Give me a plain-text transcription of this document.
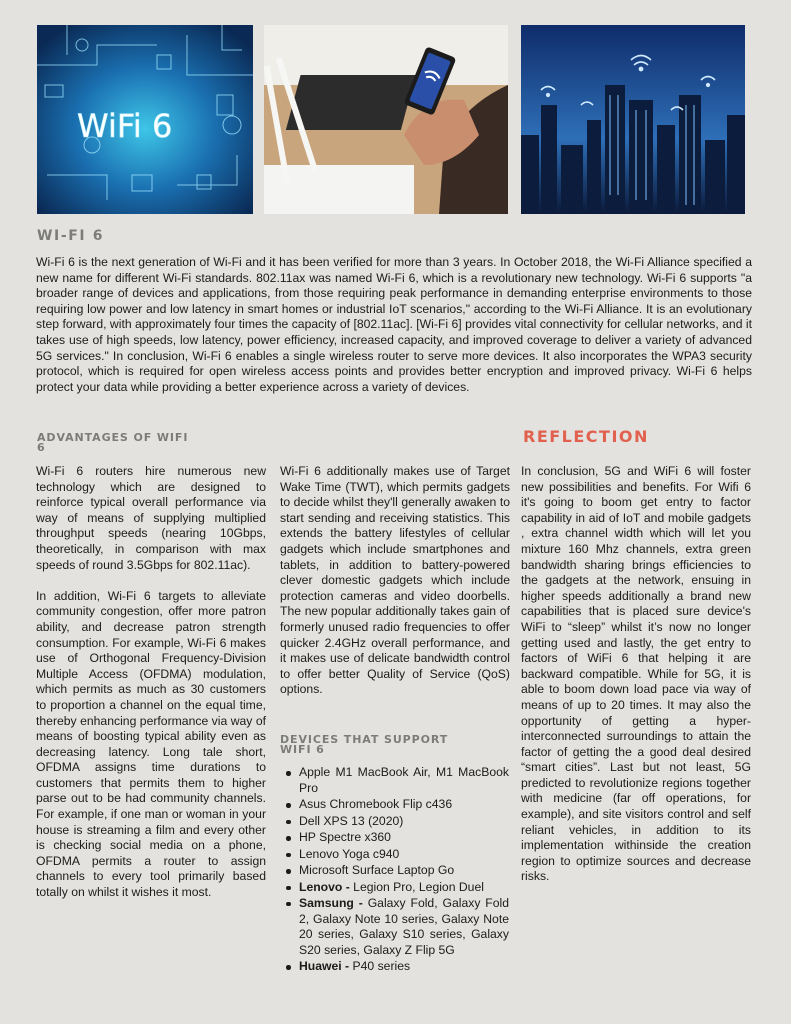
WiFi 6
WI-FI 6

Wi-Fi 6 is the next generation of Wi-Fi and it has been verified for more than 3 years. In October 2018, the Wi-Fi Alliance specified a new name for different Wi-Fi standards. 802.11ax was named Wi-Fi 6, which is a revolutionary new technology. Wi-Fi 6 supports "a broader range of devices and applications, from those requiring peak performance in demanding enterprise environments to those requiring low power and low latency in smart homes or industrial IoT scenarios," according to the Wi-Fi Alliance. It is an evolutionary step forward, with approximately four times the capacity of [802.11ac]. [Wi-Fi 6] provides vital connectivity for cellular networks, and it takes use of high speeds, low latency, power efficiency, increased capacity, and improved coverage to deliver a variety of advanced 5G services." In conclusion, Wi-Fi 6 enables a single wireless router to serve more devices. It also incorporates the WPA3 security protocol, which is required for open wireless access points and provides better encryption and improved privacy. Wi-Fi 6 helps protect your data while providing a better experience across a variety of devices.

ADVANTAGES OF WIFI 6

Wi-Fi 6 routers hire numerous new technology which are designed to reinforce typical overall performance via way of means of supplying multiplied throughput speeds (nearing 10Gbps, theoretically, in comparison with max speeds of round 3.5Gbps for 802.11ac).

In addition, Wi-Fi 6 targets to alleviate community congestion, offer more patron ability, and decrease patron strength consumption. For example, Wi-Fi 6 makes use of Orthogonal Frequency-Division Multiple Access (OFDMA) modulation, which permits as much as 30 customers to proportion a channel on the equal time, thereby enhancing performance via way of means of boosting typical ability even as decreasing latency. Long tale short, OFDMA assigns time durations to customers that permits them to higher parse out to be had community channels. For example, if one man or woman in your house is streaming a film and every other is checking social media on a phone, OFDMA permits a router to assign channels to every tool primarily based totally on whilst it wishes it most.

Wi-Fi 6 additionally makes use of Target Wake Time (TWT), which permits gadgets to decide whilst they'll generally awaken to start sending and receiving statistics. This extends the battery lifestyles of cellular gadgets which include smartphones and tablets, in addition to battery-powered clever domestic gadgets which include protection cameras and video doorbells. The new popular additionally takes gain of formerly unused radio frequencies to offer quicker 2.4GHz overall performance, and it makes use of delicate bandwidth control to offer better Quality of Service (QoS) options.

DEVICES THAT SUPPORT WIFI 6
Apple M1 MacBook Air, M1 MacBook Pro
Asus Chromebook Flip c436
Dell XPS 13 (2020)
HP Spectre x360
Lenovo Yoga c940
Microsoft Surface Laptop Go
Lenovo - Legion Pro, Legion Duel
Samsung - Galaxy Fold, Galaxy Fold 2, Galaxy Note 10 series, Galaxy Note 20 series, Galaxy S10 series, Galaxy S20 series, Galaxy Z Flip 5G
Huawei - P40 series
REFLECTION

In conclusion, 5G and WiFi 6 will foster new possibilities and benefits. For Wifi 6 it's going to boom get entry to factor capability in aid of IoT and mobile gadgets , extra channel width which will let you mixture 160 Mhz channels, extra green bandwidth sharing brings efficiencies to the gadgets at the network, ensuing in higher speeds additionally a brand new capabilities that is placed sure device's WiFi to “sleep” whilst it’s now no longer getting used and lastly, the get entry to factors of WiFi 6 that helping it are backward compatible. While for 5G, it is able to boom down load pace via way of means of up to 20 times. It may also the opportunity of getting a hyper-interconnected surroundings to attain the factor of getting the a good deal desired “smart cities”. Last but not least, 5G predicted to revolutionize regions together with medicine (far off operations, for example), and site visitors control and self reliant vehicles, in addition to its implementation withinside the creation region to optimize sources and decrease risks.
